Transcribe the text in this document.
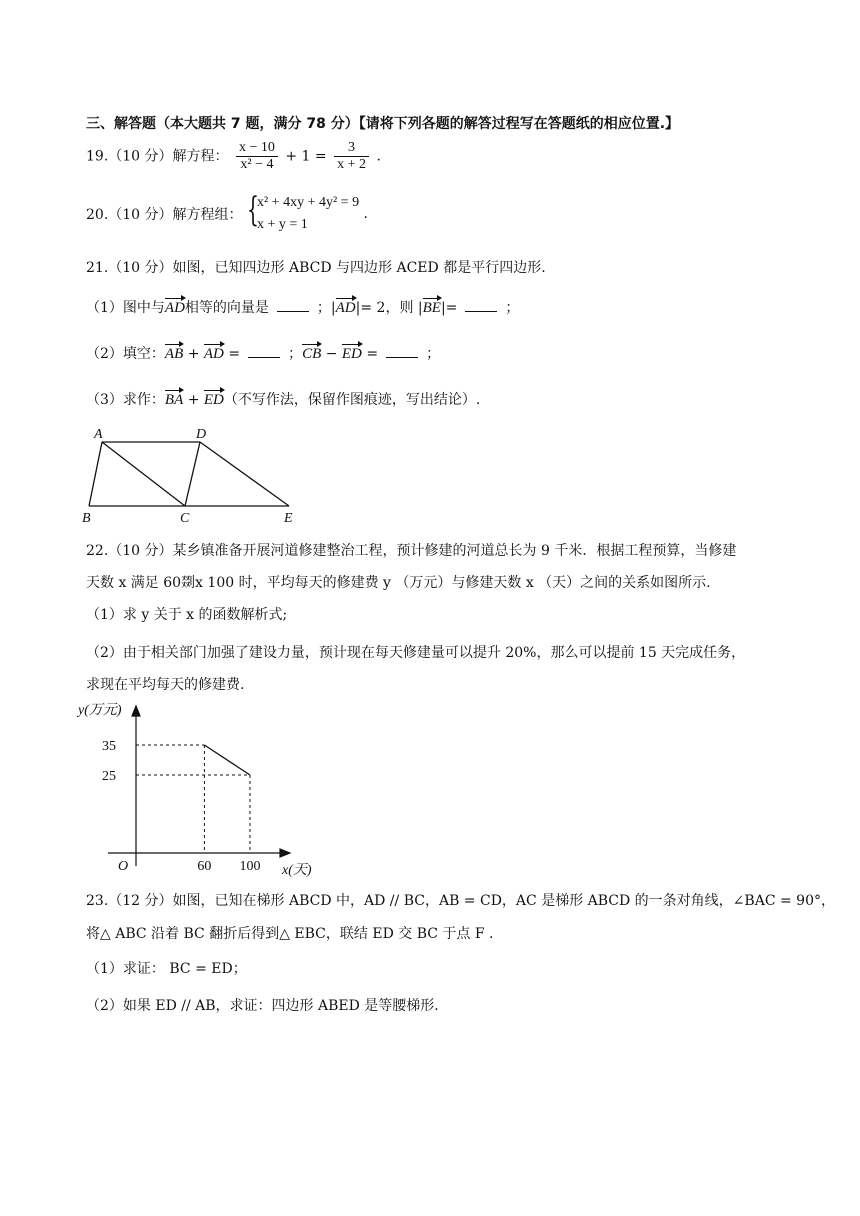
三、解答题（本大题共 7 题，满分 78 分）【请将下列各题的解答过程写在答题纸的相应位置.】
19.（10 分）解方程： $\frac{x - 10}{\text{x² − 4}} + 1 = \frac{3}{x + 2}$ .
20.（10 分）解方程组： {
x² + 4xy + 4y² = 9
x + y = 1
.
21.（10 分）如图，已知四边形 ABCD 与四边形 ACED 都是平行四边形.
（1）图中与AD相等的向量是	；|AD|= 2，则 |BE|=	；
（2）填空：AB + AD =	；CB − ED =	；
（3）求作：BA + ED（不写作法，保留作图痕迹，写出结论）.
A	D
B	C	E
22.（10 分）某乡镇准备开展河道修建整治工程，预计修建的河道总长为 9 千米．根据工程预算，当修建
天数 x 满足 60剟x 100 时，平均每天的修建费 y （万元）与修建天数 x （天）之间的关系如图所示.
（1）求 y 关于 x 的函数解析式;
（2）由于相关部门加强了建设力量，预计现在每天修建量可以提升 20%，那么可以提前 15 天完成任务，
求现在平均每天的修建费.
y(万元)
x(天)
O
35
25
60 100
23.（12 分）如图，已知在梯形 ABCD 中，AD // BC，AB = CD，AC 是梯形 ABCD 的一条对角线，∠BAC = 90°，
将△ ABC 沿着 BC 翻折后得到△ EBC，联结 ED 交 BC 于点 F .
（1）求证： BC = ED；
（2）如果 ED // AB，求证：四边形 ABED 是等腰梯形.
